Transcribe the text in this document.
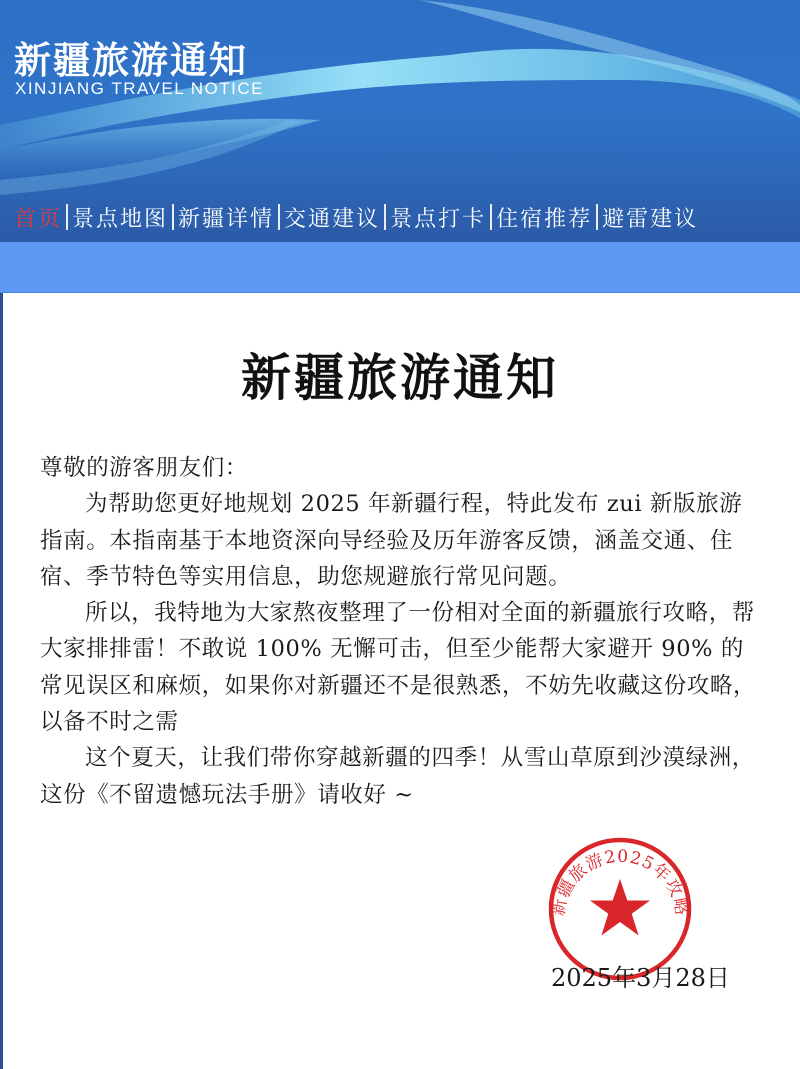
新疆旅游通知
XINJIANG TRAVEL NOTICE
首页 景点地图 新疆详情 交通建议 景点打卡 住宿推荐 避雷建议
新疆旅游通知

尊敬的游客朋友们：

为帮助您更好地规划 2025 年新疆行程，特此发布 zui 新版旅游指南。本指南基于本地资深向导经验及历年游客反馈，涵盖交通、住宿、季节特色等实用信息，助您规避旅行常见问题。

所以，我特地为大家熬夜整理了一份相对全面的新疆旅行攻略，帮大家排排雷！不敢说 100% 无懈可击，但至少能帮大家避开 90% 的常见误区和麻烦，如果你对新疆还不是很熟悉，不妨先收藏这份攻略，以备不时之需

这个夏天，让我们带你穿越新疆的四季！从雪山草原到沙漠绿洲，这份《不留遗憾玩法手册》请收好 ~

新疆旅游2025年攻略
2025年3月28日
